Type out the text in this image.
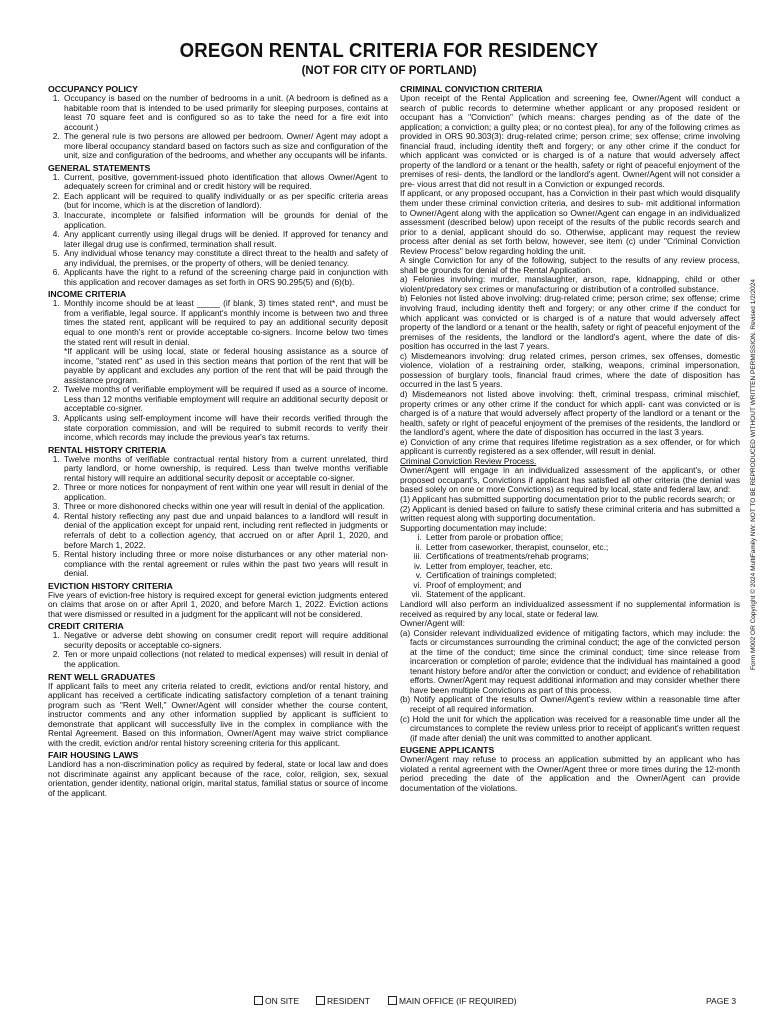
OREGON RENTAL CRITERIA FOR RESIDENCY
(NOT FOR CITY OF PORTLAND)
OCCUPANCY POLICY
1. Occupancy is based on the number of bedrooms in a unit. (A bedroom is defined as a habitable room that is intended to be used primarily for sleeping purposes, contains at least 70 square feet and is configured so as to take the need for a fire exit into account.)
2. The general rule is two persons are allowed per bedroom. Owner/ Agent may adopt a more liberal occupancy standard based on factors such as size and configuration of the unit, size and configuration of the bedrooms, and whether any occupants will be infants.
GENERAL STATEMENTS
1. Current, positive, government-issued photo identification that allows Owner/Agent to adequately screen for criminal and or credit history will be required.
2. Each applicant will be required to qualify individually or as per specific criteria areas (but for income, which is at the discretion of landlord).
3. Inaccurate, incomplete or falsified information will be grounds for denial of the application.
4. Any applicant currently using illegal drugs will be denied. If approved for tenancy and later illegal drug use is confirmed, termination shall result.
5. Any individual whose tenancy may constitute a direct threat to the health and safety of any individual, the premises, or the property of others, will be denied tenancy.
6. Applicants have the right to a refund of the screening charge paid in conjunction with this application and recover damages as set forth in ORS 90.295(5) and (6)(b).
INCOME CRITERIA
1. Monthly income should be at least _____ (if blank, 3) times stated rent*, and must be from a verifiable, legal source. If applicant's monthly income is between two and three times the stated rent, applicant will be required to pay an additional security deposit equal to one month's rent or provide acceptable co-signers. Income below two times the stated rent will result in denial.
*If applicant will be using local, state or federal housing assistance as a source of income, "stated rent" as used in this section means that portion of the rent that will be payable by applicant and excludes any portion of the rent that will be paid through the assistance program.
2. Twelve months of verifiable employment will be required if used as a source of income. Less than 12 months verifiable employment will require an additional security deposit or acceptable co-signer.
3. Applicants using self-employment income will have their records verified through the state corporation commission, and will be required to submit records to verify their income, which records may include the previous year's tax returns.
RENTAL HISTORY CRITERIA
1. Twelve months of verifiable contractual rental history from a current unrelated, third party landlord, or home ownership, is required. Less than twelve months verifiable rental history will require an additional security deposit or acceptable co-signer.
2. Three or more notices for nonpayment of rent within one year will result in denial of the application.
3. Three or more dishonored checks within one year will result in denial of the application.
4. Rental history reflecting any past due and unpaid balances to a landlord will result in denial of the application except for unpaid rent, including rent reflected in judgments or referrals of debt to a collection agency, that accrued on or after April 1, 2020, and before March 1, 2022.
5. Rental history including three or more noise disturbances or any other material non-compliance with the rental agreement or rules within the past two years will result in denial.
EVICTION HISTORY CRITERIA

Five years of eviction-free history is required except for general eviction judgments entered on claims that arose on or after April 1, 2020, and before March 1, 2022. Eviction actions that were dismissed or resulted in a judgment for the applicant will not be considered.

CREDIT CRITERIA
1. Negative or adverse debt showing on consumer credit report will require additional security deposits or acceptable co-signers.
2. Ten or more unpaid collections (not related to medical expenses) will result in denial of the application.
RENT WELL GRADUATES

If applicant fails to meet any criteria related to credit, evictions and/or rental history, and applicant has received a certificate indicating satisfactory completion of a tenant training program such as "Rent Well," Owner/Agent will consider whether the course content, instructor comments and any other information supplied by applicant is sufficient to demonstrate that applicant will successfully live in the complex in compliance with the Rental Agreement. Based on this information, Owner/Agent may waive strict compliance with the credit, eviction and/or rental history screening criteria for this applicant.

FAIR HOUSING LAWS

Landlord has a non-discrimination policy as required by federal, state or local law and does not discriminate against any applicant because of the race, color, religion, sex, sexual orientation, gender identity, national origin, marital status, familial status or source of income of the applicant.

CRIMINAL CONVICTION CRITERIA

Upon receipt of the Rental Application and screening fee, Owner/Agent will conduct a search of public records to determine whether applicant or any proposed resident or occupant has a "Conviction" (which means: charges pending as of the date of the application; a conviction; a guilty plea; or no contest plea), for any of the following crimes as provided in ORS 90.303(3): drug-related crime; person crime; sex offense; crime involving financial fraud, including identity theft and forgery; or any other crime if the conduct for which applicant was convicted or is charged is of a nature that would adversely affect property of the landlord or a tenant or the health, safety or right of peaceful enjoyment of the premises of resi- dents, the landlord or the landlord's agent. Owner/Agent will not consider a pre- vious arrest that did not result in a Conviction or expunged records.

If applicant, or any proposed occupant, has a Conviction in their past which would disqualify them under these criminal conviction criteria, and desires to sub- mit additional information to Owner/Agent along with the application so Owner/Agent can engage in an individualized assessment (described below) upon receipt of the results of the public records search and prior to a denial, applicant should do so. Otherwise, applicant may request the review process after denial as set forth below, however, see item (c) under "Criminal Conviction Review Process" below regarding holding the unit.

A single Conviction for any of the following, subject to the results of any review process, shall be grounds for denial of the Rental Application.

a) Felonies involving: murder, manslaughter, arson, rape, kidnapping, child or other violent/predatory sex crimes or manufacturing or distribution of a controlled substance.

b) Felonies not listed above involving: drug-related crime; person crime; sex offense; crime involving fraud, including identity theft and forgery; or any other crime if the conduct for which applicant was convicted or is charged is of a nature that would adversely affect property of the landlord or a tenant or the health, safety or right of peaceful enjoyment of the premises of the residents, the landlord or the landlord's agent, where the date of dis- position has occurred in the last 7 years.

c) Misdemeanors involving: drug related crimes, person crimes, sex offenses, domestic violence, violation of a restraining order, stalking, weapons, criminal impersonation, possession of burglary tools, financial fraud crimes, where the date of disposition has occurred in the last 5 years.

d) Misdemeanors not listed above involving: theft, criminal trespass, criminal mischief, property crimes or any other crime if the conduct for which appli- cant was convicted or is charged is of a nature that would adversely affect property of the landlord or a tenant or the health, safety or right of peaceful enjoyment of the premises of the residents, the landlord or the landlord's agent, where the date of disposition has occurred in the last 3 years.

e) Conviction of any crime that requires lifetime registration as a sex offender, or for which applicant is currently registered as a sex offender, will result in denial.

Criminal Conviction Review Process.

Owner/Agent will engage in an individualized assessment of the applicant's, or other proposed occupant's, Convictions if applicant has satisfied all other criteria (the denial was based solely on one or more Convictions) as required by local, state and federal law, and:

(1) Applicant has submitted supporting documentation prior to the public records search; or

(2) Applicant is denied based on failure to satisfy these criminal criteria and has submitted a written request along with supporting documentation.

Supporting documentation may include:

i. Letter from parole or probation office;
ii. Letter from caseworker, therapist, counselor, etc.;
iii. Certifications of treatments/rehab programs;
iv. Letter from employer, teacher, etc.
v. Certification of trainings completed;
vi. Proof of employment; and
vii. Statement of the applicant.

Landlord will also perform an individualized assessment if no supplemental information is received as required by any local, state or federal law.

Owner/Agent will:

(a) Consider relevant individualized evidence of mitigating factors, which may include: the facts or circumstances surrounding the criminal conduct; the age of the convicted person at the time of the conduct; time since the criminal conduct; time since release from incarceration or completion of parole; evidence that the individual has maintained a good tenant history before and/or after the conviction or conduct; and evidence of rehabilitation efforts. Owner/Agent may request additional information and may consider whether there have been multiple Convictions as part of this process.

(b) Notify applicant of the results of Owner/Agent's review within a reasonable time after receipt of all required information.

(c) Hold the unit for which the application was received for a reasonable time under all the circumstances to complete the review unless prior to receipt of applicant's written request (if made after denial) the unit was committed to another applicant.

EUGENE APPLICANTS

Owner/Agent may refuse to process an application submitted by an applicant who has violated a rental agreement with the Owner/Agent three or more times during the 12-month period preceding the date of the application and the Owner/Agent can provide documentation of the violations.

Form M002 OR Copyright © 2024 MultiFamily NW: NOT TO BE REPRODUCED WITHOUT WRITTEN PERMISSION. Revised 1/2/2024
ON SITE	RESIDENT	MAIN OFFICE (IF REQUIRED)	PAGE 3
